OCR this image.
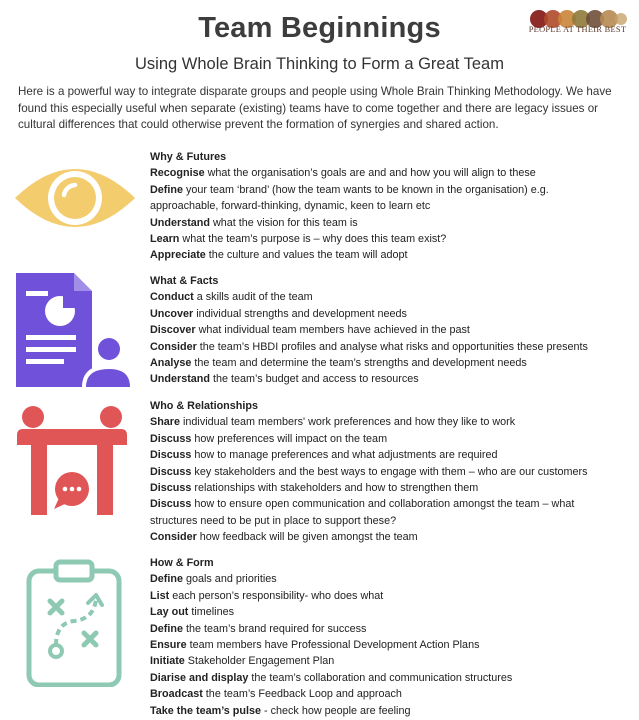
Team Beginnings
Using Whole Brain Thinking to Form a Great Team
PEOPLE AT THEIR BEST
Here is a powerful way to integrate disparate groups and people using Whole Brain Thinking Methodology. We have found this especially useful when separate (existing) teams have to come together and there are legacy issues or cultural differences that could otherwise prevent the formation of synergies and shared action.
Why & Futures
Recognise what the organisation’s goals are and and how you will align to these
Define your team ‘brand’ (how the team wants to be known in the organisation) e.g.
approachable, forward-thinking, dynamic, keen to learn etc
Understand what the vision for this team is
Learn what the team’s purpose is – why does this team exist?
Appreciate the culture and values the team will adopt
What & Facts
Conduct a skills audit of the team
Uncover individual strengths and development needs
Discover what individual team members have achieved in the past
Consider the team’s HBDI profiles and analyse what risks and opportunities these presents
Analyse the team and determine the team’s strengths and development needs
Understand the team’s budget and access to resources
Who & Relationships
Share individual team members' work preferences and how they like to work
Discuss how preferences will impact on the team
Discuss how to manage preferences and what adjustments are required
Discuss key stakeholders and the best ways to engage with them – who are our customers
Discuss relationships with stakeholders and how to strengthen them
Discuss how to ensure open communication and collaboration amongst the team – what
structures need to be put in place to support these?
Consider how feedback will be given amongst the team
How & Form
Define goals and priorities
List each person’s responsibility- who does what
Lay out timelines
Define the team’s brand required for success
Ensure team members have Professional Development Action Plans
Initiate Stakeholder Engagement Plan
Diarise and display the team’s collaboration and communication structures
Broadcast the team’s Feedback Loop and approach
Take the team’s pulse - check how people are feeling
